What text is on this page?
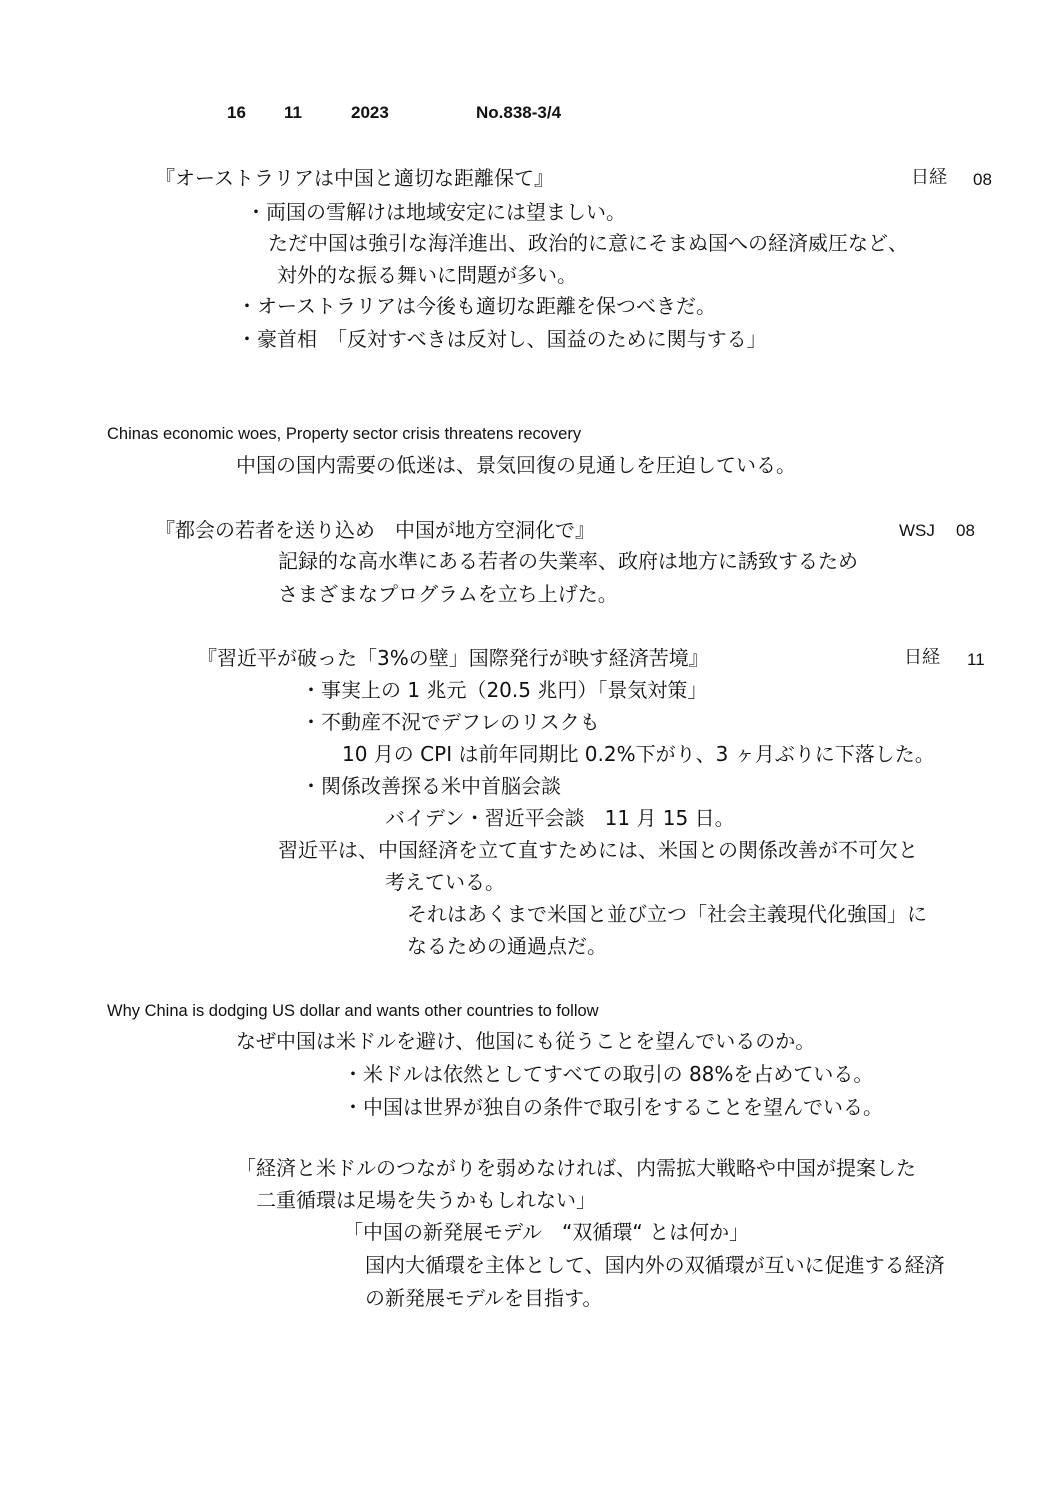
16 11	2023	No.838-3/4
『オーストラリアは中国と適切な距離保て』	日経 08
・両国の雪解けは地域安定には望ましい。
ただ中国は強引な海洋進出、政治的に意にそまぬ国への経済威圧など、
対外的な振る舞いに問題が多い。
・オーストラリアは今後も適切な距離を保つべきだ。
・豪首相　「反対すべきは反対し、国益のために関与する」
Chinas economic woes, Property sector crisis threatens recovery
中国の国内需要の低迷は、景気回復の見通しを圧迫している。
『都会の若者を送り込め　中国が地方空洞化で』	WSJ 08
記録的な高水準にある若者の失業率、政府は地方に誘致するため
さまざまなプログラムを立ち上げた。
『習近平が破った「3%の壁」国際発行が映す経済苦境』	日経 11
・事実上の 1 兆元（20.5 兆円）「景気対策」
・不動産不況でデフレのリスクも
10 月の CPI は前年同期比 0.2%下がり、3 ヶ月ぶりに下落した。
・関係改善探る米中首脳会談
バイデン・習近平会談　11 月 15 日。
習近平は、中国経済を立て直すためには、米国との関係改善が不可欠と
考えている。
それはあくまで米国と並び立つ「社会主義現代化強国」に
なるための通過点だ。
Why China is dodging US dollar and wants other countries to follow
なぜ中国は米ドルを避け、他国にも従うことを望んでいるのか。
・米ドルは依然としてすべての取引の 88%を占めている。
・中国は世界が独自の条件で取引をすることを望んでいる。
「経済と米ドルのつながりを弱めなければ、内需拡大戦略や中国が提案した
二重循環は足場を失うかもしれない」
「中国の新発展モデル　“双循環“ とは何か」
国内大循環を主体として、国内外の双循環が互いに促進する経済
の新発展モデルを目指す。
